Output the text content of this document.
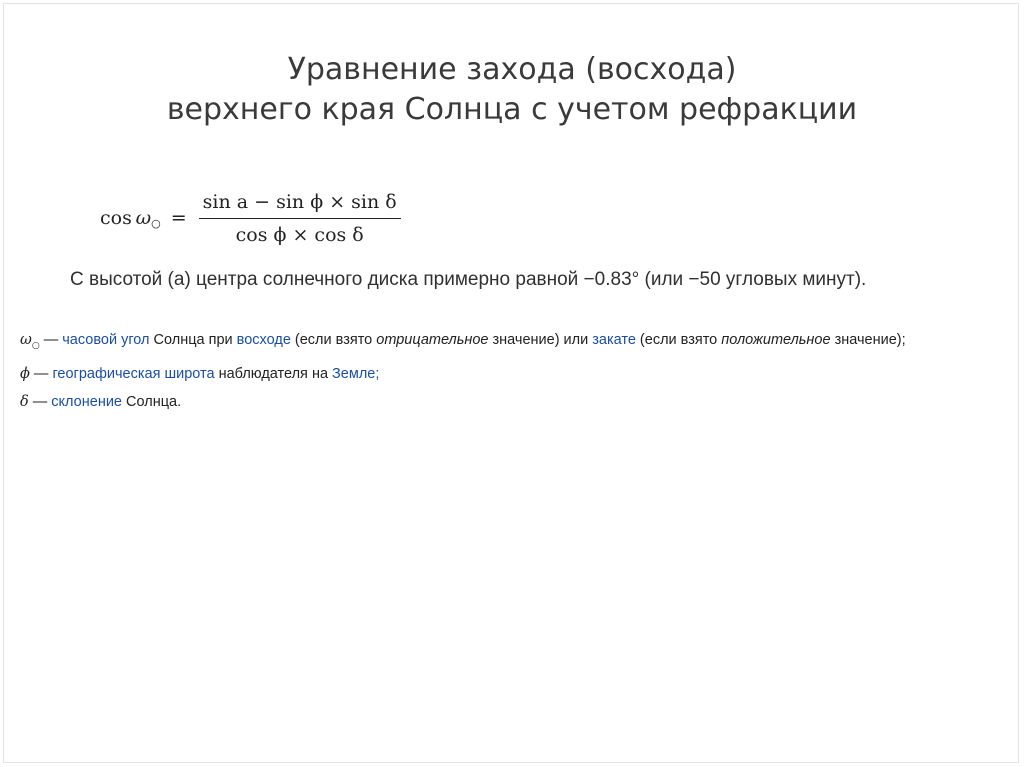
Уравнение захода (восхода)
верхнего края Солнца с учетом рефракции
$\cos \omega_○ = \frac{\text{sin a − sin ϕ × sin δ}}{\text{cos ϕ × cos δ}}$
С высотой (a) центра солнечного диска примерно равной −0.83° (или −50 угловых минут).
$\omega_○$ — часовой угол Солнца при восходе (если взято отрицательное значение) или закате (если взято положительное значение);
ϕ — географическая широта наблюдателя на Земле;
δ — склонение Солнца.
